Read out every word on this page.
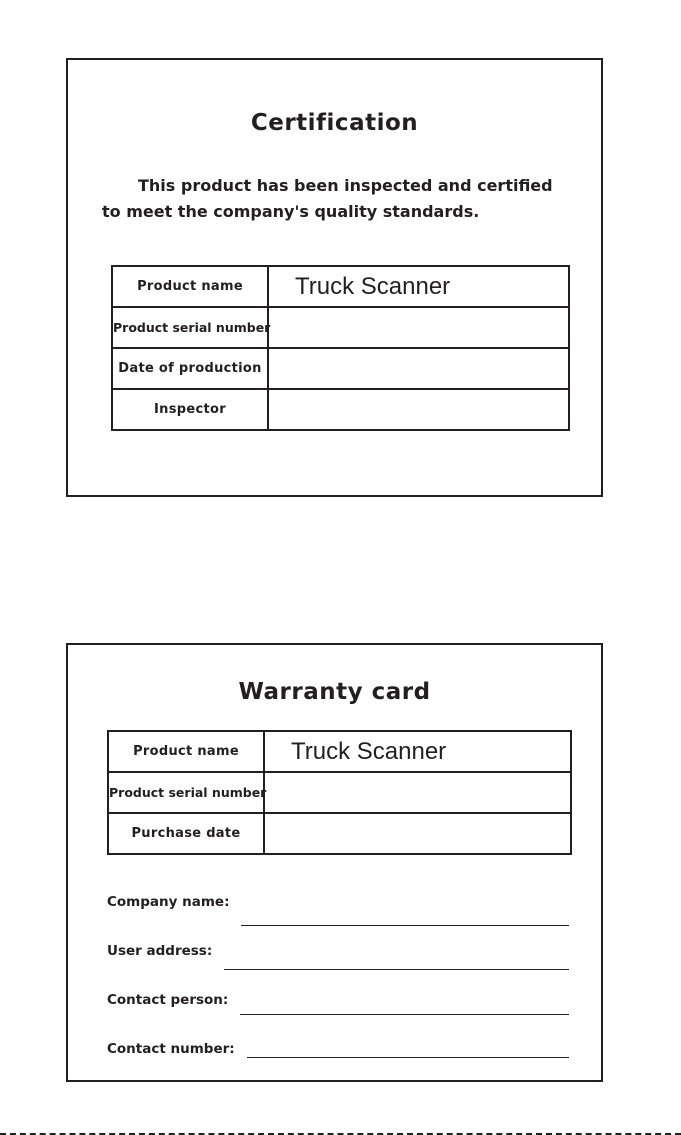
Certification

This product has been inspected and certified to meet the company's quality standards.

Product name	Truck Scanner
Product serial number	
Date of production	
Inspector	
Warranty card
Product name	Truck Scanner
Product serial number	
Purchase date	
Company name:
User address:
Contact person:
Contact number:
